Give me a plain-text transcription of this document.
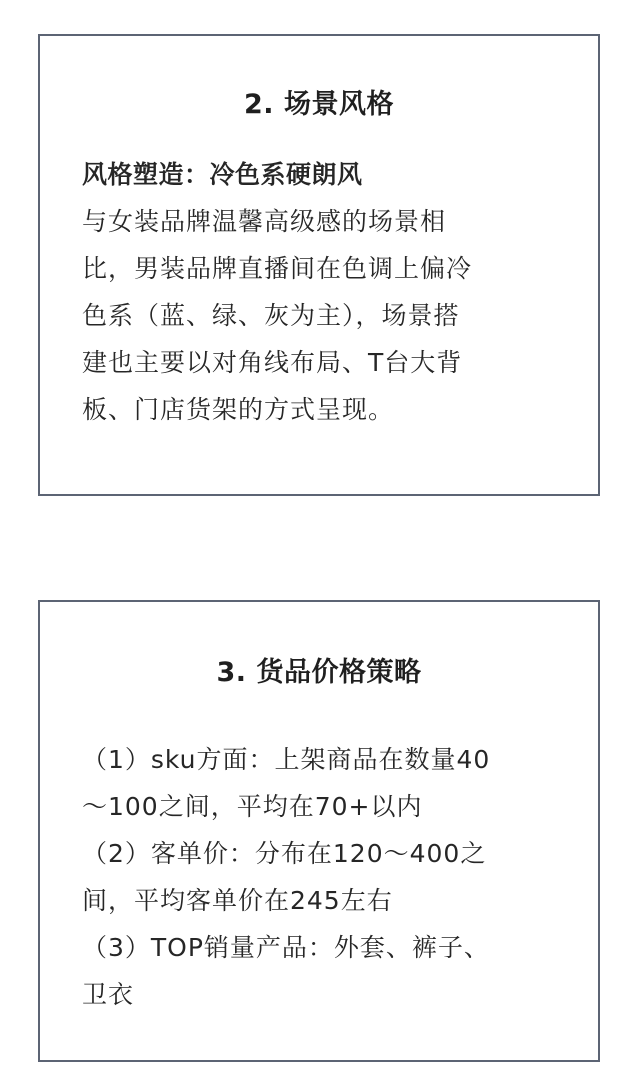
2. 场景风格
风格塑造：冷色系硬朗风
与女装品牌温馨高级感的场景相
比，男装品牌直播间在色调上偏冷
色系（蓝、绿、灰为主），场景搭
建也主要以对角线布局、T台大背
板、门店货架的方式呈现。
3. 货品价格策略
（1）sku方面：上架商品在数量40
～100之间，平均在70+以内
（2）客单价：分布在120～400之
间，平均客单价在245左右
（3）TOP销量产品：外套、裤子、
卫衣
